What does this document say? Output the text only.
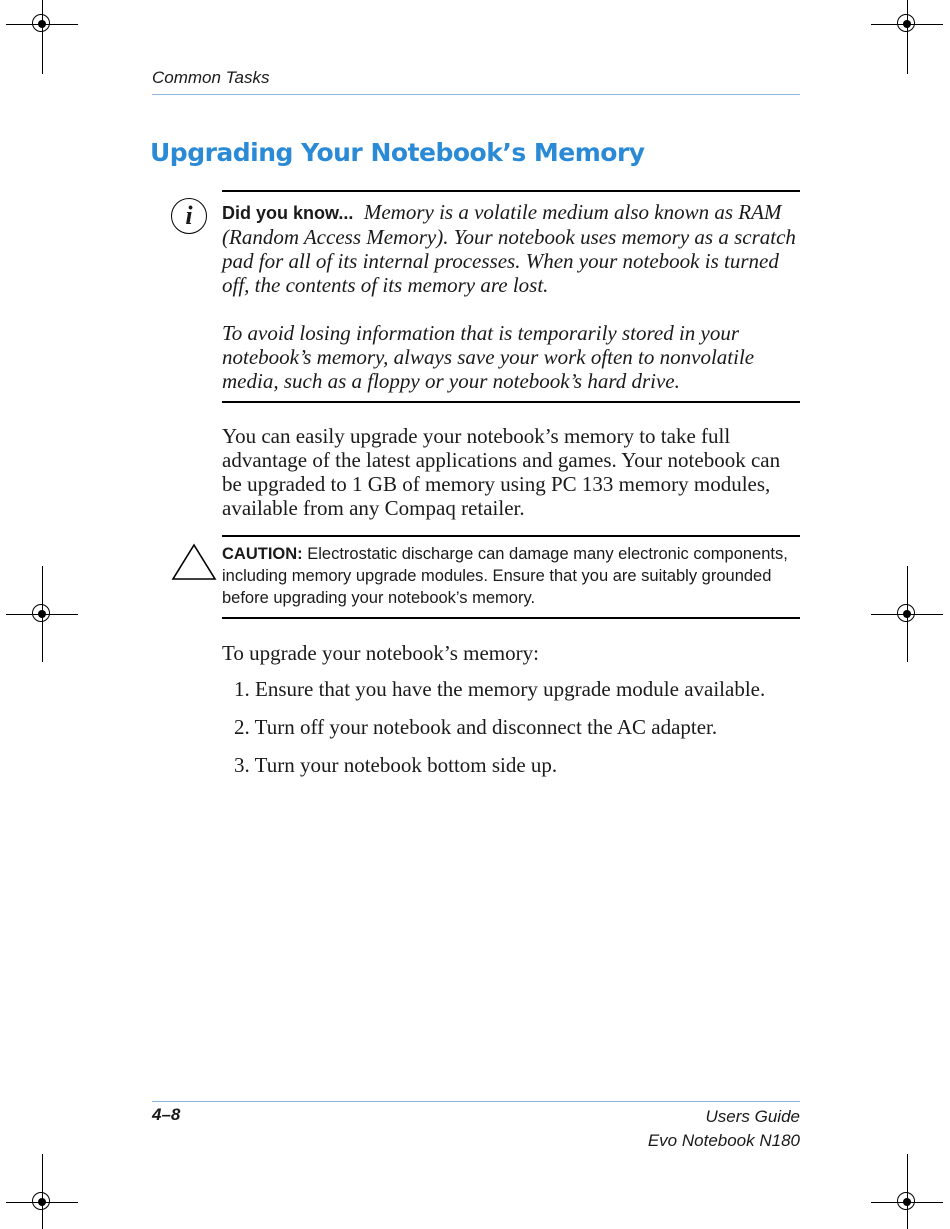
Common Tasks
Upgrading Your Notebook’s Memory
i	Did you know... Memory is a volatile medium also known as RAM (Random Access Memory). Your notebook uses memory as a scratch pad for all of its internal processes. When your notebook is turned off, the contents of its memory are lost.

To avoid losing information that is temporarily stored in your notebook’s memory, always save your work often to nonvolatile media, such as a floppy or your notebook’s hard drive.

You can easily upgrade your notebook’s memory to take full advantage of the latest applications and games. Your notebook can be upgraded to 1 GB of memory using PC 133 memory modules, available from any Compaq retailer.
CAUTION: Electrostatic discharge can damage many electronic components, including memory upgrade modules. Ensure that you are suitably grounded before upgrading your notebook’s memory.
To upgrade your notebook’s memory:
1. Ensure that you have the memory upgrade module available.
2. Turn off your notebook and disconnect the AC adapter.
3. Turn your notebook bottom side up.
4–8	Users Guide
Evo Notebook N180
